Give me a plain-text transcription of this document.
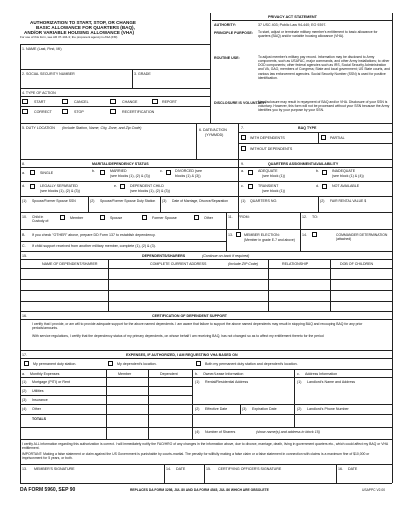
AUTHORIZATION TO START, STOP, OR CHANGE
BASIC ALLOWANCE FOR QUARTERS (BAQ),
AND/OR VARIABLE HOUSING ALLOWANCE (VHA)
For use of this form, see AR 37-104-3; the proponent agency is ASA (FM)
PRIVACY ACT STATEMENT
AUTHORITY:	37 USC 403; Public Law 94-440; EO 9397.
PRINCIPLE PURPOSE: To start, adjust or terminate military member's entitlement to basic allowance for quarters (BAQ) and/or variable housing allowance (VHA).
ROUTINE USE:	To adjust member's military pay record. Information may be disclosed to Army components, such as USAFAC, major commands, and other Army installations; to other DOD components; other federal agencies such as IRS, Social Security Administration and VA, GAO, members of Congress; State and local government; US State courts, and various law enforcement agencies. Social Security Number (SSN) is used for positive identification.
DISCLOSURE IS VOLUNTARY:
Nondisclosure may result in repayment of BAQ and/or VHA. Disclosure of your SSN is voluntary. However, this form will not be processed without your SSN because the Army identifies you by your purpose by your SSN.
1. NAME (Last, First, MI)
2. SOCIAL SECURITY NUMBER	3. GRADE
4. TYPE OF ACTION
START	CANCEL	CHANGE	REPORT
CORRECT	STOP	RECERTIFICATION
5. DUTY LOCATION (Include Station, Name, City, Zone, and Zip Code)	6. DATE/ACTION
(YYMMDD)
7.	BAQ TYPE
WITH DEPENDENTS	PARTIAL
WITHOUT DEPENDENTS
8.	MARITAL/DEPENDENCY STATUS	9.	QUARTERS ASSIGNMENT/AVAILABILITY
a.	SINGLE	b.	MARRIED
(see blocks (1), (2) & (3))
c.	DIVORCED (see
blocks (1) & (3))
a.	ADEQUATE
(see block (1))
b.	INADEQUATE
(see block (1) & (4))
d.	LEGALLY SEPARATED
(see blocks (1), (2) & (3))
e.	DEPENDENT CHILD
(see blocks (1), (2) & (3))
c.	TRANSIENT
(see block (1))
d.	NOT AVAILABLE
(1) Spouse/Former Spouse SSN	(2) Spouse/Former Spouse Duty Station (3) Date of Marriage, Divorce/Separation	(1) QUARTERS NO.	(2) FAIR RENTAL VALUE $
10. Child in Custody of:
Member	Spouse	Former Spouse	Other	11. FROM:	12. TO:
B. If you check "OTHER" above, prepare DD Form 137 to establish dependency.	13.	MEMBER ELECTION:
(Member in grade E-7 and above)
14.	COMMANDER DETERMINATION (attached)
C. If child support received from another military member, complete (1), (2) & (3).
15.	DEPENDENTS/SHARERS	(Continue on back if required)
NAME OF DEPENDENT/SHARER	COMPLETE CURRENT ADDRESS	(Include ZIP Code)	RELATIONSHIP	DOB OF CHILDREN
16.	CERTIFICATION OF DEPENDENT SUPPORT
I certify that I provide, or am will to provide adequate support for the above named dependents. I am aware that failure to support the above named dependents may result in stopping BAQ and recouping BAQ for any prior periods/amounts.
With service regulations, I certify that the dependency status of my primary dependents, on whose behalf I am receiving BAQ, has not changed so as to affect my entitlement thereto for the period
17.	EXPENSES, IF AUTHORIZED, I AM REQUESTING VHA BASED ON
My permanent duty station.	My dependent's location.	Both my permanent duty station and dependent's location.
a. Monthly Expenses	Member	Dependent	b. Owner/Lease Information	c. Address Information
(1) Mortgage (PITI) or Rent	(1) Rental/Residential Address	(1) Landlord's Name and Address
(2) Utilities
(3) Insurance
(4) Other	(2) Effective Date	(3) Expiration Date	(2) Landlord's Phone Number
TOTALS
(4) Number of Sharers	(show name(s) and address in block 15)
I certify ALL information regarding this authorization is correct. I will immediately notify the FAO/HRO of any changes in the information above, due to divorce, marriage, death, living in government quarters etc., which could affect my BAQ or VHA entitlement.
IMPORTANT: Making a false statement or claim against the US Government is punishable by courts-martial. The penalty for willfully making a false claim or a false statement in connection with claims is a maximum fine of $10,000 or imprisonment for 5 years, or both.
13. MEMBER'S SIGNATURE	14. DATE	15. CERTIFYING OFFICER'S SIGNATURE	16. DATE
DA FORM 5960, SEP 90	REPLACES DA FORM 3298, JUL 80 AND DA FORM 4545, JUL 86 WHICH ARE OBSOLETE	USAPPC V2.00
